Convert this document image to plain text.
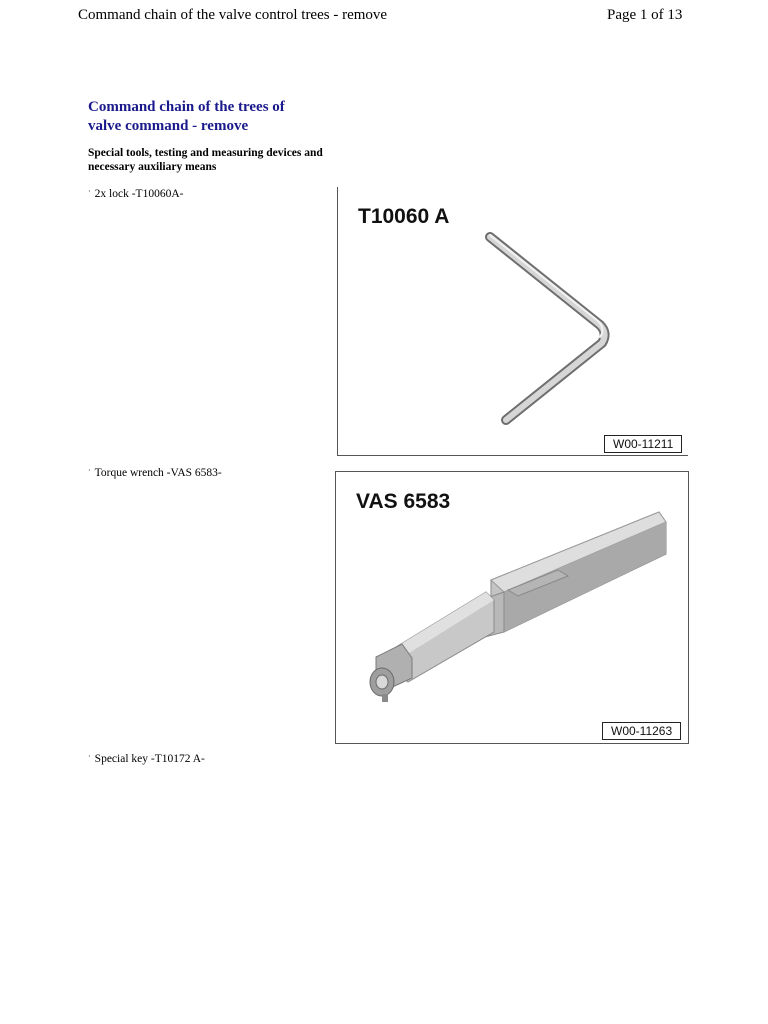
Command chain of the valve control trees - remove	Page 1 of 13
Command chain of the trees of
valve command - remove
Special tools, testing and measuring devices and
necessary auxiliary means
· 2x lock -T10060A-
· Torque wrench -VAS 6583-
· Special key -T10172 A-
T10060 A
W00-11211
VAS 6583
W00-11263
